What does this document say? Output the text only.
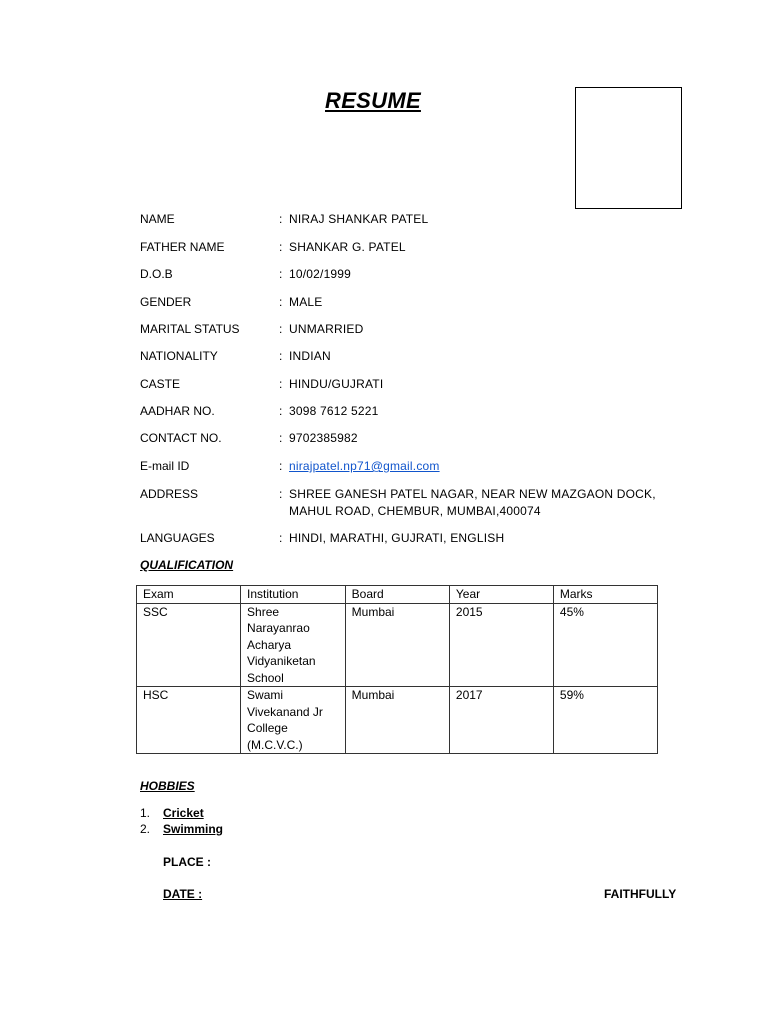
RESUME
NAME	: NIRAJ SHANKAR PATEL
FATHER NAME	: SHANKAR G. PATEL
D.O.B	: 10/02/1999
GENDER	: MALE
MARITAL STATUS	: UNMARRIED
NATIONALITY	: INDIAN
CASTE	: HINDU/GUJRATI
AADHAR NO.	: 3098 7612 5221
CONTACT NO.	: 9702385982
E-mail ID	: nirajpatel.np71@gmail.com
ADDRESS	: SHREE GANESH PATEL NAGAR, NEAR NEW MAZGAON DOCK, MAHUL ROAD, CHEMBUR, MUMBAI,400074
LANGUAGES	: HINDI, MARATHI, GUJRATI, ENGLISH
QUALIFICATION
Exam	Institution	Board	Year	Marks
SSC	Shree Narayanrao Acharya Vidyaniketan School	Mumbai	2015	45%
HSC	Swami Vivekanand Jr College (M.C.V.C.)	Mumbai	2017	59%
HOBBIES
1. Cricket
2. Swimming
PLACE :
DATE :	FAITHFULLY
